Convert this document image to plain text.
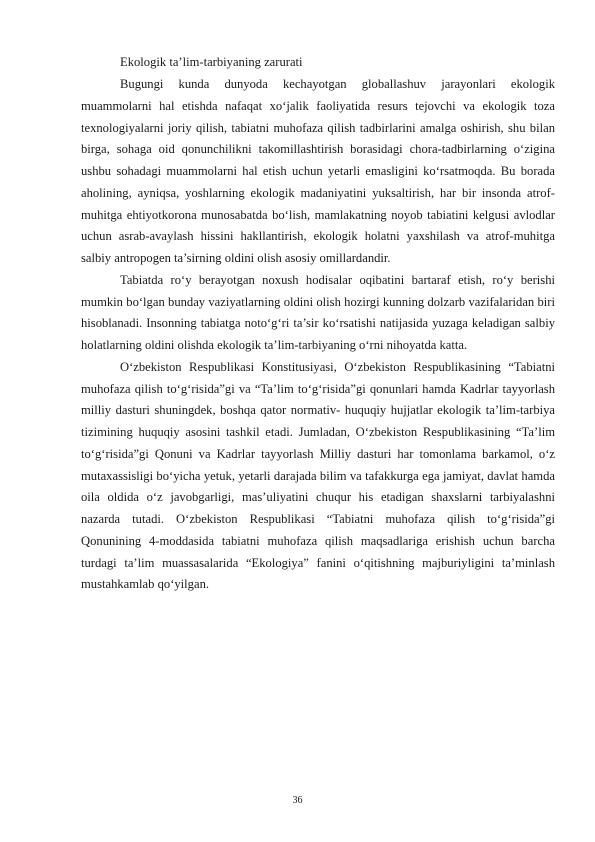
Ekologik ta’lim-tarbiyaning zarurati

Bugungi kunda dunyoda kechayotgan globallashuv jarayonlari ekologik muammolarni hal etishda nafaqat xo‘jalik faoliyatida resurs tejovchi va ekologik toza texnologiyalarni joriy qilish, tabiatni muhofaza qilish tadbirlarini amalga oshirish, shu bilan birga, sohaga oid qonunchilikni takomillashtirish borasidagi chora-tadbirlarning o‘zigina ushbu sohadagi muammolarni hal etish uchun yetarli emasligini ko‘rsatmoqda. Bu borada aholining, ayniqsa, yoshlarning ekologik madaniyatini yuksaltirish, har bir insonda atrof-muhitga ehtiyotkorona munosabatda bo‘lish, mamlakatning noyob tabiatini kelgusi avlodlar uchun asrab-avaylash hissini hakllantirish, ekologik holatni yaxshilash va atrof-muhitga salbiy antropogen ta’sirning oldini olish asosiy omillardandir.

Tabiatda ro‘y berayotgan noxush hodisalar oqibatini bartaraf etish, ro‘y berishi mumkin bo‘lgan bunday vaziyatlarning oldini olish hozirgi kunning dolzarb vazifalaridan biri hisoblanadi. Insonning tabiatga noto‘g‘ri ta’sir ko‘rsatishi natijasida yuzaga keladigan salbiy holatlarning oldini olishda ekologik ta’lim-tarbiyaning o‘rni nihoyatda katta.

O‘zbekiston Respublikasi Konstitusiyasi, O‘zbekiston Respublikasining “Tabiatni muhofaza qilish to‘g‘risida”gi va “Ta’lim to‘g‘risida”gi qonunlari hamda Kadrlar tayyorlash milliy dasturi shuningdek, boshqa qator normativ- huquqiy hujjatlar ekologik ta’lim-tarbiya tizimining huquqiy asosini tashkil etadi. Jumladan, O‘zbekiston Respublikasining “Ta’lim to‘g‘risida”gi Qonuni va Kadrlar tayyorlash Milliy dasturi har tomonlama barkamol, o‘z mutaxassisligi bo‘yicha yetuk, yetarli darajada bilim va tafakkurga ega jamiyat, davlat hamda oila oldida o‘z javobgarligi, mas’uliyatini chuqur his etadigan shaxslarni tarbiyalashni nazarda tutadi. O‘zbekiston Respublikasi “Tabiatni muhofaza qilish to‘g‘risida”gi Qonunining 4-moddasida tabiatni muhofaza qilish maqsadlariga erishish uchun barcha turdagi ta’lim muassasalarida “Ekologiya” fanini o‘qitishning majburiyligini ta’minlash mustahkamlab qo‘yilgan.

36
